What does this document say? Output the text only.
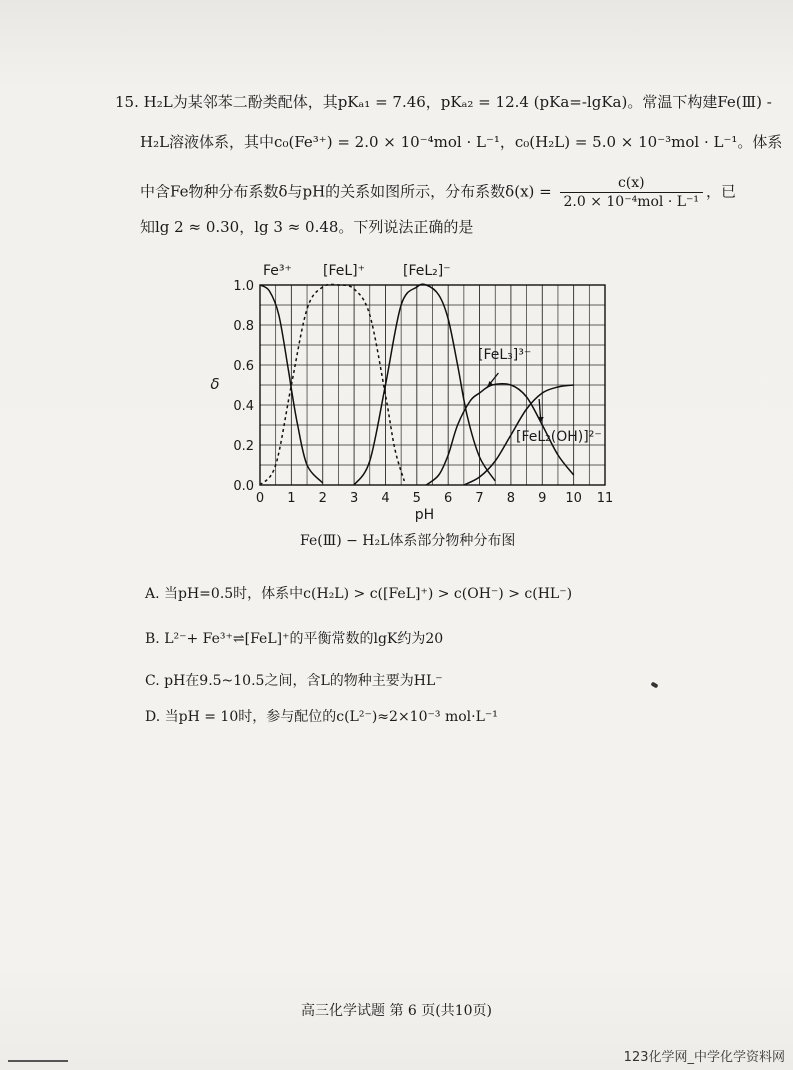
15. H₂L为某邻苯二酚类配体，其pKₐ₁ = 7.46，pKₐ₂ = 12.4 (pKa=-lgKa)。常温下构建Fe(Ⅲ) -
H₂L溶液体系，其中c₀(Fe³⁺) = 2.0 × 10⁻⁴mol · L⁻¹，c₀(H₂L) = 5.0 × 10⁻³mol · L⁻¹。体系
中含Fe物种分布系数δ与pH的关系如图所示，分布系数$\delta(x) = \frac{c(x)}{\text{2.0 × 10⁻⁴mol · L⁻¹}}$ ，已
知lg 2 ≈ 0.30，lg 3 ≈ 0.48。下列说法正确的是
0 1 2 3 4 5 6 7 8 9 10 11
0.0
0.2
0.4
0.6
0.8
1.0
pH
δ
Fe³⁺ [FeL]⁺	[FeL₂]⁻
[FeL₃]³⁻
[FeL₂(OH)]²⁻
Fe(Ⅲ) − H₂L体系部分物种分布图
A. 当pH=0.5时，体系中c(H₂L) > c([FeL]⁺) > c(OH⁻) > c(HL⁻)
B. L²⁻+ Fe³⁺⇌[FeL]⁺的平衡常数的lgK约为20
C. pH在9.5~10.5之间，含L的物种主要为HL⁻
D. 当pH = 10时，参与配位的c(L²⁻)≈2×10⁻³ mol·L⁻¹
高三化学试题 第 6 页(共10页)
123化学网_中学化学资料网
